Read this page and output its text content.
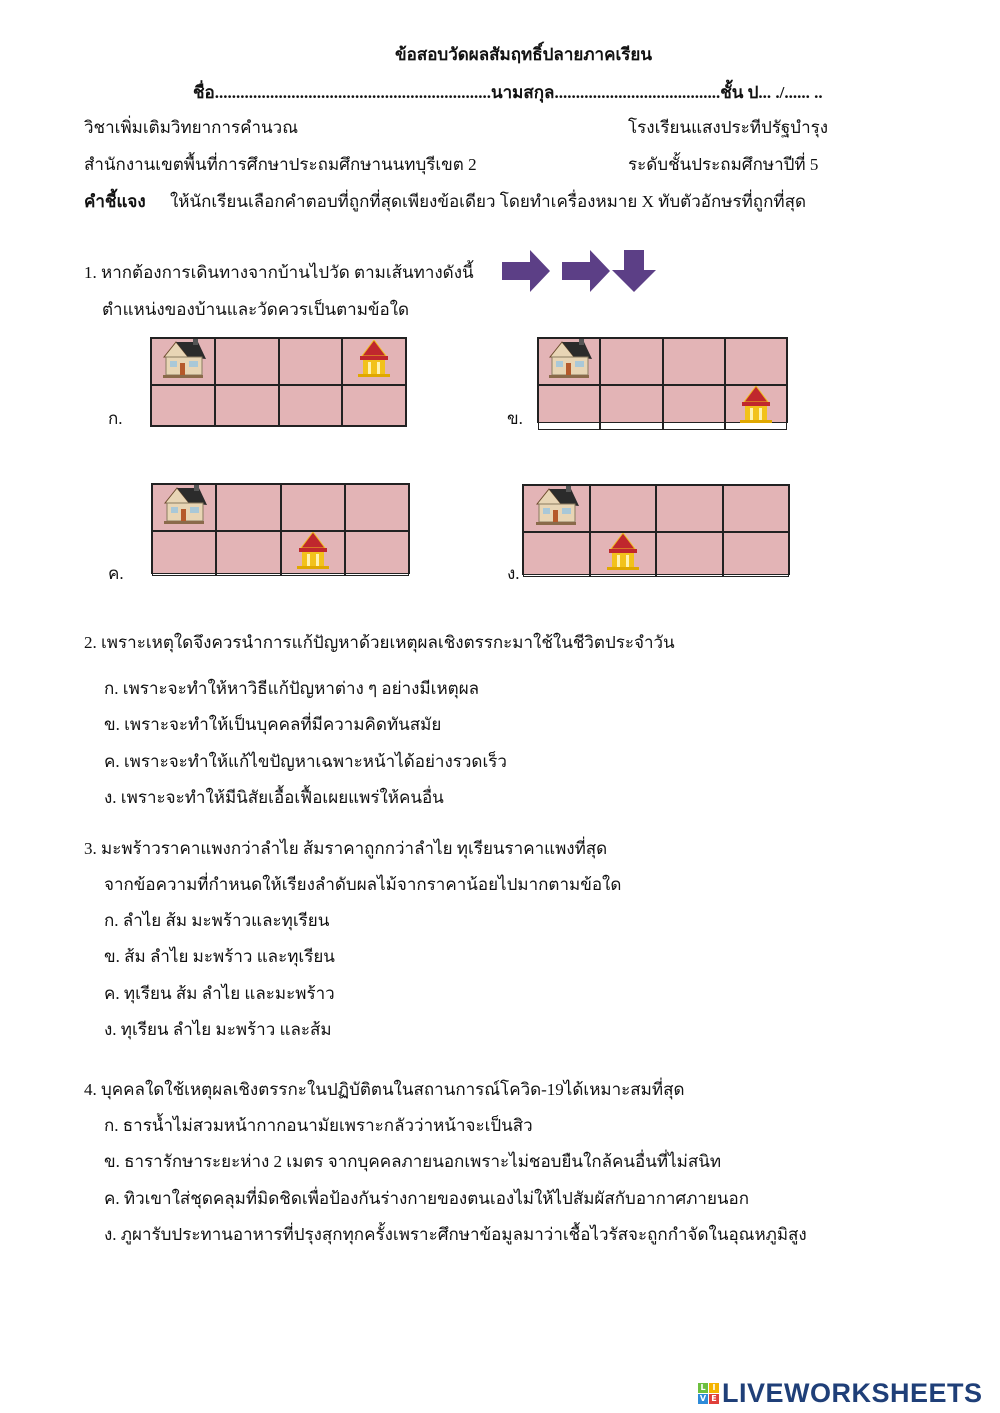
ข้อสอบวัดผลสัมฤทธิ์ปลายภาคเรียน
ชื่อ.................................................................นามสกุล.......................................ชั้น ป... ./...... ..
วิชาเพิ่มเติมวิทยาการคำนวณ	โรงเรียนแสงประทีปรัฐบำรุง
สำนักงานเขตพื้นที่การศึกษาประถมศึกษานนทบุรีเขต 2	ระดับชั้นประถมศึกษาปีที่ 5
คำชี้แจง ให้นักเรียนเลือกคำตอบที่ถูกที่สุดเพียงข้อเดียว โดยทำเครื่องหมาย X ทับตัวอักษรที่ถูกที่สุด
1. หากต้องการเดินทางจากบ้านไปวัด ตามเส้นทางดังนี้
ตำแหน่งของบ้านและวัดควรเป็นตามข้อใด
ก.	ข.
ค.	ง.
2. เพราะเหตุใดจึงควรนำการแก้ปัญหาด้วยเหตุผลเชิงตรรกะมาใช้ในชีวิตประจำวัน
ก. เพราะจะทำให้หาวิธีแก้ปัญหาต่าง ๆ อย่างมีเหตุผล
ข. เพราะจะทำให้เป็นบุคคลที่มีความคิดทันสมัย
ค. เพราะจะทำให้แก้ไขปัญหาเฉพาะหน้าได้อย่างรวดเร็ว
ง. เพราะจะทำให้มีนิสัยเอื้อเฟื้อเผยแพร่ให้คนอื่น
3. มะพร้าวราคาแพงกว่าลำไย ส้มราคาถูกกว่าลำไย ทุเรียนราคาแพงที่สุด
จากข้อความที่กำหนดให้เรียงลำดับผลไม้จากราคาน้อยไปมากตามข้อใด
ก. ลำไย ส้ม มะพร้าวและทุเรียน
ข. ส้ม ลำไย มะพร้าว และทุเรียน
ค. ทุเรียน ส้ม ลำไย และมะพร้าว
ง. ทุเรียน ลำไย มะพร้าว และส้ม
4. บุคคลใดใช้เหตุผลเชิงตรรกะในปฏิบัติตนในสถานการณ์โควิด-19ได้เหมาะสมที่สุด
ก. ธารน้ำไม่สวมหน้ากากอนามัยเพราะกลัวว่าหน้าจะเป็นสิว
ข. ธารารักษาระยะห่าง 2 เมตร จากบุคคลภายนอกเพราะไม่ชอบยืนใกล้คนอื่นที่ไม่สนิท
ค. ทิวเขาใส่ชุดคลุมที่มิดชิดเพื่อป้องกันร่างกายของตนเองไม่ให้ไปสัมผัสกับอากาศภายนอก
ง. ภูผารับประทานอาหารที่ปรุงสุกทุกครั้งเพราะศึกษาข้อมูลมาว่าเชื้อไวรัสจะถูกกำจัดในอุณหภูมิสูง
L I
V E LIVEWORKSHEETS
